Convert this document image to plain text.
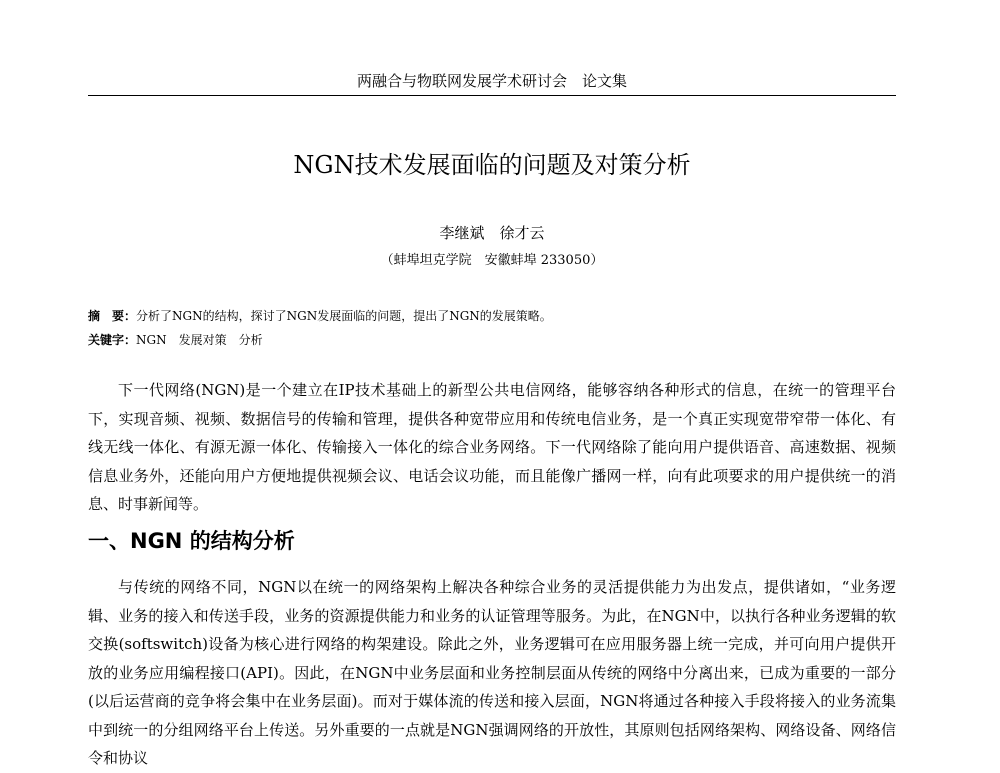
两融合与物联网发展学术研讨会　论文集
NGN技术发展面临的问题及对策分析
李继斌　徐才云
（蚌埠坦克学院　安徽蚌埠 233050）
摘　要：分析了NGN的结构，探讨了NGN发展面临的问题，提出了NGN的发展策略。
关键字：NGN　发展对策　分析

下一代网络(NGN)是一个建立在IP技术基础上的新型公共电信网络，能够容纳各种形式的信息，在统一的管理平台下，实现音频、视频、数据信号的传输和管理，提供各种宽带应用和传统电信业务，是一个真正实现宽带窄带一体化、有线无线一体化、有源无源一体化、传输接入一体化的综合业务网络。下一代网络除了能向用户提供语音、高速数据、视频信息业务外，还能向用户方便地提供视频会议、电话会议功能，而且能像广播网一样，向有此项要求的用户提供统一的消息、时事新闻等。

一、NGN 的结构分析

与传统的网络不同，NGN以在统一的网络架构上解决各种综合业务的灵活提供能力为出发点，提供诸如，“业务逻辑、业务的接入和传送手段，业务的资源提供能力和业务的认证管理等服务。为此，在NGN中，以执行各种业务逻辑的软交换(softswitch)设备为核心进行网络的构架建设。除此之外，业务逻辑可在应用服务器上统一完成，并可向用户提供开放的业务应用编程接口(API)。因此，在NGN中业务层面和业务控制层面从传统的网络中分离出来，已成为重要的一部分(以后运营商的竞争将会集中在业务层面)。而对于媒体流的传送和接入层面，NGN将通过各种接入手段将接入的业务流集中到统一的分组网络平台上传送。另外重要的一点就是NGN强调网络的开放性，其原则包括网络架构、网络设备、网络信令和协议
